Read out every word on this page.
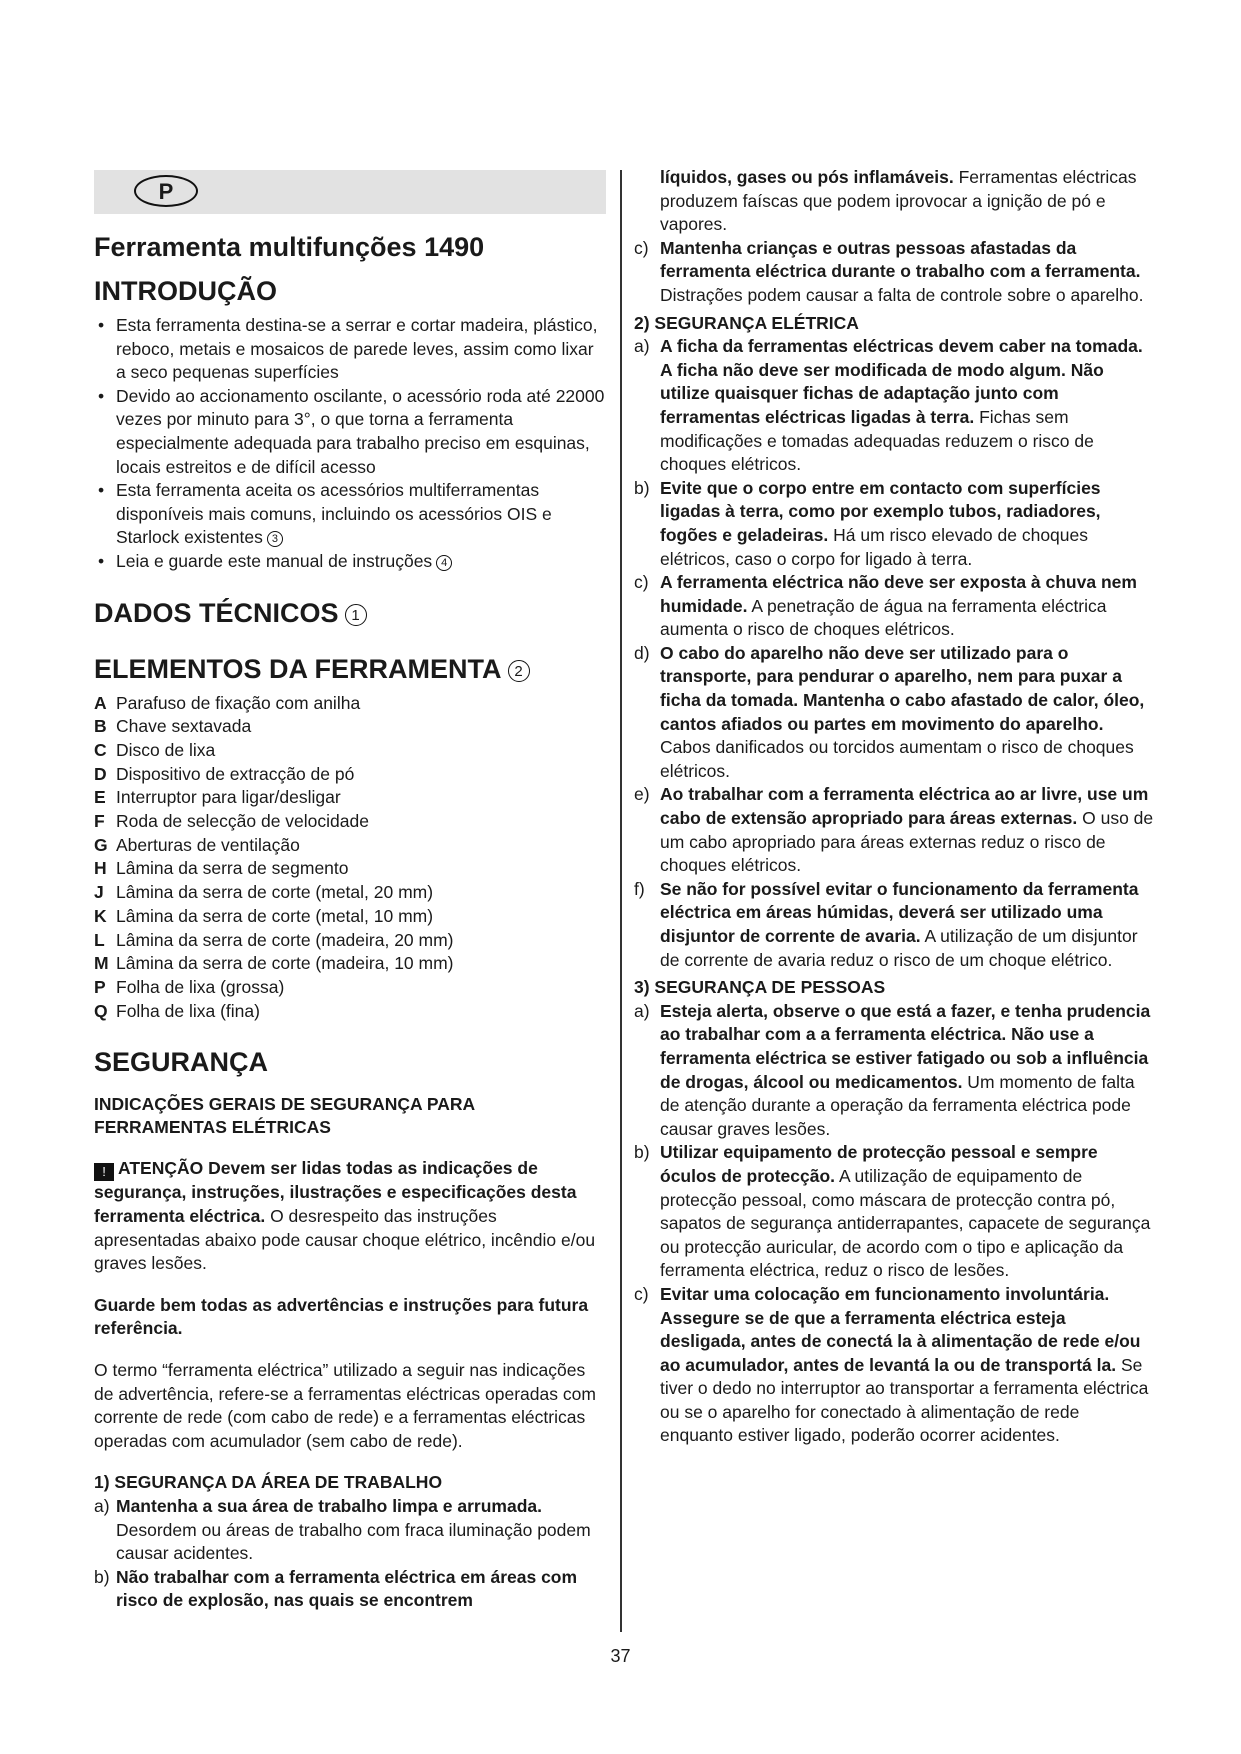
P
Ferramenta multifunções 1490
INTRODUÇÃO
• Esta ferramenta destina-se a serrar e cortar madeira, plástico, reboco, metais e mosaicos de parede leves, assim como lixar a seco pequenas superfícies
• Devido ao accionamento oscilante, o acessório roda até 22000 vezes por minuto para 3°, o que torna a ferramenta especialmente adequada para trabalho preciso em esquinas, locais estreitos e de difícil acesso
• Esta ferramenta aceita os acessórios multiferramentas disponíveis mais comuns, incluindo os acessórios OIS e Starlock existentes 3
• Leia e guarde este manual de instruções 4
DADOS TÉCNICOS 1
ELEMENTOS DA FERRAMENTA 2
A Parafuso de fixação com anilha
B Chave sextavada
C Disco de lixa
D Dispositivo de extracção de pó
E Interruptor para ligar/desligar
F Roda de selecção de velocidade
G Aberturas de ventilação
H Lâmina da serra de segmento
J Lâmina da serra de corte (metal, 20 mm)
K Lâmina da serra de corte (metal, 10 mm)
L Lâmina da serra de corte (madeira, 20 mm)
M Lâmina da serra de corte (madeira, 10 mm)
P Folha de lixa (grossa)
Q Folha de lixa (fina)
SEGURANÇA
INDICAÇÕES GERAIS DE SEGURANÇA PARA FERRAMENTAS ELÉTRICAS

! ATENÇÃO Devem ser lidas todas as indicações de segurança, instruções, ilustrações e especificações desta ferramenta eléctrica. O desrespeito das instruções apresentadas abaixo pode causar choque elétrico, incêndio e/ou graves lesões.

Guarde bem todas as advertências e instruções para futura referência.

O termo “ferramenta eléctrica” utilizado a seguir nas indicações de advertência, refere-se a ferramentas eléctricas operadas com corrente de rede (com cabo de rede) e a ferramentas eléctricas operadas com acumulador (sem cabo de rede).

1) SEGURANÇA DA ÁREA DE TRABALHO
a) Mantenha a sua área de trabalho limpa e arrumada. Desordem ou áreas de trabalho com fraca iluminação podem causar acidentes.
b) Não trabalhar com a ferramenta eléctrica em áreas com risco de explosão, nas quais se encontrem
líquidos, gases ou pós inflamáveis. Ferramentas eléctricas produzem faíscas que podem iprovocar a ignição de pó e vapores.
c) Mantenha crianças e outras pessoas afastadas da ferramenta eléctrica durante o trabalho com a ferramenta. Distrações podem causar a falta de controle sobre o aparelho.
2) SEGURANÇA ELÉTRICA
a) A ficha da ferramentas eléctricas devem caber na tomada. A ficha não deve ser modificada de modo algum. Não utilize quaisquer fichas de adaptação junto com ferramentas eléctricas ligadas à terra. Fichas sem modificações e tomadas adequadas reduzem o risco de choques elétricos.
b) Evite que o corpo entre em contacto com superfícies ligadas à terra, como por exemplo tubos, radiadores, fogões e geladeiras. Há um risco elevado de choques elétricos, caso o corpo for ligado à terra.
c) A ferramenta eléctrica não deve ser exposta à chuva nem humidade. A penetração de água na ferramenta eléctrica aumenta o risco de choques elétricos.
d) O cabo do aparelho não deve ser utilizado para o transporte, para pendurar o aparelho, nem para puxar a ficha da tomada. Mantenha o cabo afastado de calor, óleo, cantos afiados ou partes em movimento do aparelho. Cabos danificados ou torcidos aumentam o risco de choques elétricos.
e) Ao trabalhar com a ferramenta eléctrica ao ar livre, use um cabo de extensão apropriado para áreas externas. O uso de um cabo apropriado para áreas externas reduz o risco de choques elétricos.
f) Se não for possível evitar o funcionamento da ferramenta eléctrica em áreas húmidas, deverá ser utilizado uma disjuntor de corrente de avaria. A utilização de um disjuntor de corrente de avaria reduz o risco de um choque elétrico.
3) SEGURANÇA DE PESSOAS
a) Esteja alerta, observe o que está a fazer, e tenha prudencia ao trabalhar com a a ferramenta eléctrica. Não use a ferramenta eléctrica se estiver fatigado ou sob a influência de drogas, álcool ou medicamentos. Um momento de falta de atenção durante a operação da ferramenta eléctrica pode causar graves lesões.
b) Utilizar equipamento de protecção pessoal e sempre óculos de protecção. A utilização de equipamento de protecção pessoal, como máscara de protecção contra pó, sapatos de segurança antiderrapantes, capacete de segurança ou protecção auricular, de acordo com o tipo e aplicação da ferramenta eléctrica, reduz o risco de lesões.
c) Evitar uma colocação em funcionamento involuntária. Assegure se de que a ferramenta eléctrica esteja desligada, antes de conectá la à alimentação de rede e/ou ao acumulador, antes de levantá la ou de transportá la. Se tiver o dedo no interruptor ao transportar a ferramenta eléctrica ou se o aparelho for conectado à alimentação de rede enquanto estiver ligado, poderão ocorrer acidentes.
37
